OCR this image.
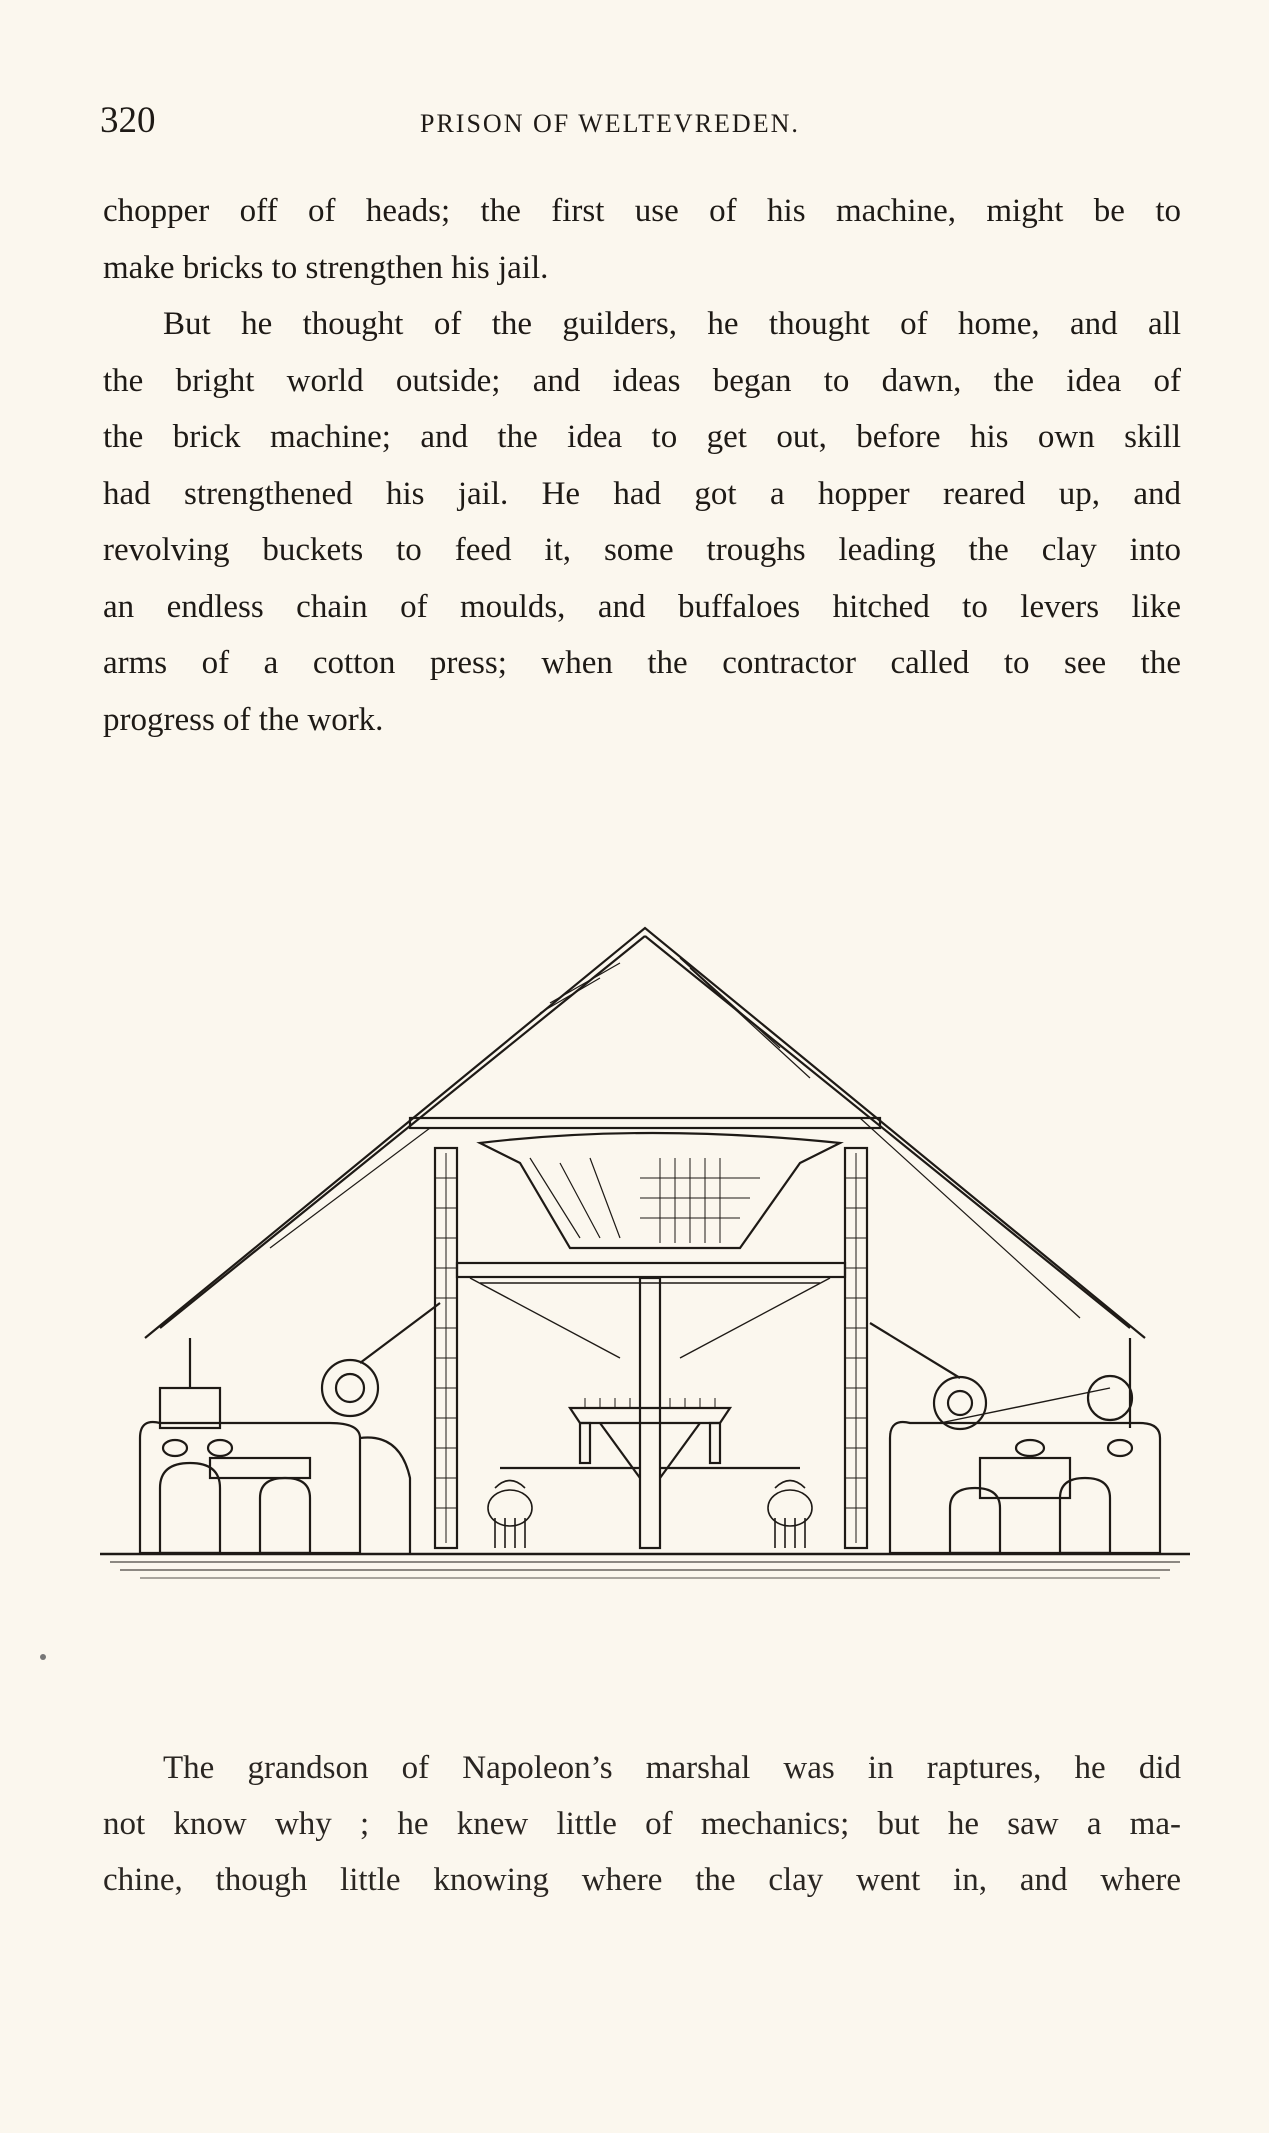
320	PRISON OF WELTEVREDEN.

chopper off of heads; the first use of his machine, might be to
make bricks to strengthen his jail.

But he thought of the guilders, he thought of home, and all
the bright world outside; and ideas began to dawn, the idea of
the brick machine; and the idea to get out, before his own skill
had strengthened his jail. He had got a hopper reared up, and
revolving buckets to feed it, some troughs leading the clay into
an endless chain of moulds, and buffaloes hitched to levers like
arms of a cotton press; when the contractor called to see the
progress of the work.

The grandson of Napoleon’s marshal was in raptures, he did
not know why ; he knew little of mechanics; but he saw a ma-
chine, though little knowing where the clay went in, and where
